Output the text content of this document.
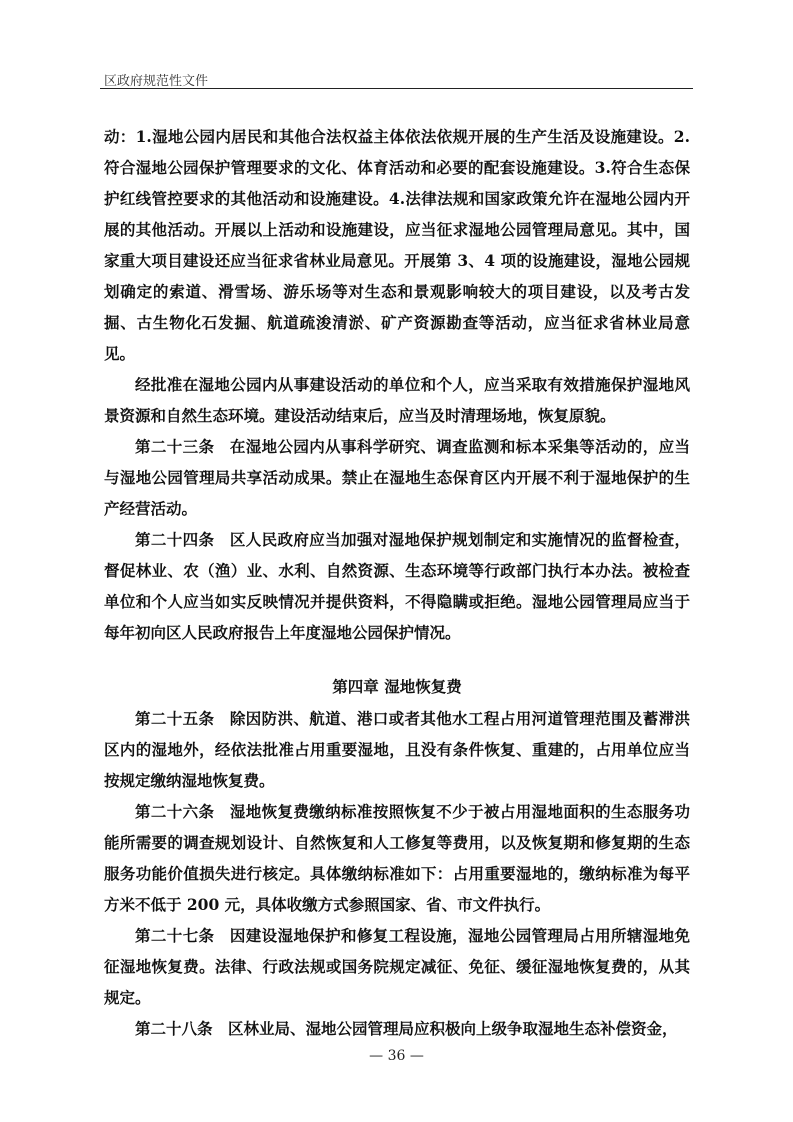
区政府规范性文件

动：1.湿地公园内居民和其他合法权益主体依法依规开展的生产生活及设施建设。2.符合湿地公园保护管理要求的文化、体育活动和必要的配套设施建设。3.符合生态保护红线管控要求的其他活动和设施建设。4.法律法规和国家政策允许在湿地公园内开展的其他活动。开展以上活动和设施建设，应当征求湿地公园管理局意见。其中，国家重大项目建设还应当征求省林业局意见。开展第 3、4 项的设施建设，湿地公园规划确定的索道、滑雪场、游乐场等对生态和景观影响较大的项目建设，以及考古发掘、古生物化石发掘、航道疏浚清淤、矿产资源勘查等活动，应当征求省林业局意见。

经批准在湿地公园内从事建设活动的单位和个人，应当采取有效措施保护湿地风景资源和自然生态环境。建设活动结束后，应当及时清理场地，恢复原貌。

第二十三条 在湿地公园内从事科学研究、调查监测和标本采集等活动的，应当与湿地公园管理局共享活动成果。禁止在湿地生态保育区内开展不利于湿地保护的生产经营活动。

第二十四条 区人民政府应当加强对湿地保护规划制定和实施情况的监督检查，督促林业、农（渔）业、水利、自然资源、生态环境等行政部门执行本办法。被检查单位和个人应当如实反映情况并提供资料，不得隐瞒或拒绝。湿地公园管理局应当于每年初向区人民政府报告上年度湿地公园保护情况。

第四章 湿地恢复费

第二十五条 除因防洪、航道、港口或者其他水工程占用河道管理范围及蓄滞洪区内的湿地外，经依法批准占用重要湿地，且没有条件恢复、重建的，占用单位应当按规定缴纳湿地恢复费。

第二十六条 湿地恢复费缴纳标准按照恢复不少于被占用湿地面积的生态服务功能所需要的调查规划设计、自然恢复和人工修复等费用，以及恢复期和修复期的生态服务功能价值损失进行核定。具体缴纳标准如下：占用重要湿地的，缴纳标准为每平方米不低于 200 元，具体收缴方式参照国家、省、市文件执行。

第二十七条 因建设湿地保护和修复工程设施，湿地公园管理局占用所辖湿地免征湿地恢复费。法律、行政法规或国务院规定减征、免征、缓征湿地恢复费的，从其规定。

第二十八条 区林业局、湿地公园管理局应积极向上级争取湿地生态补偿资金，

— 36 —
